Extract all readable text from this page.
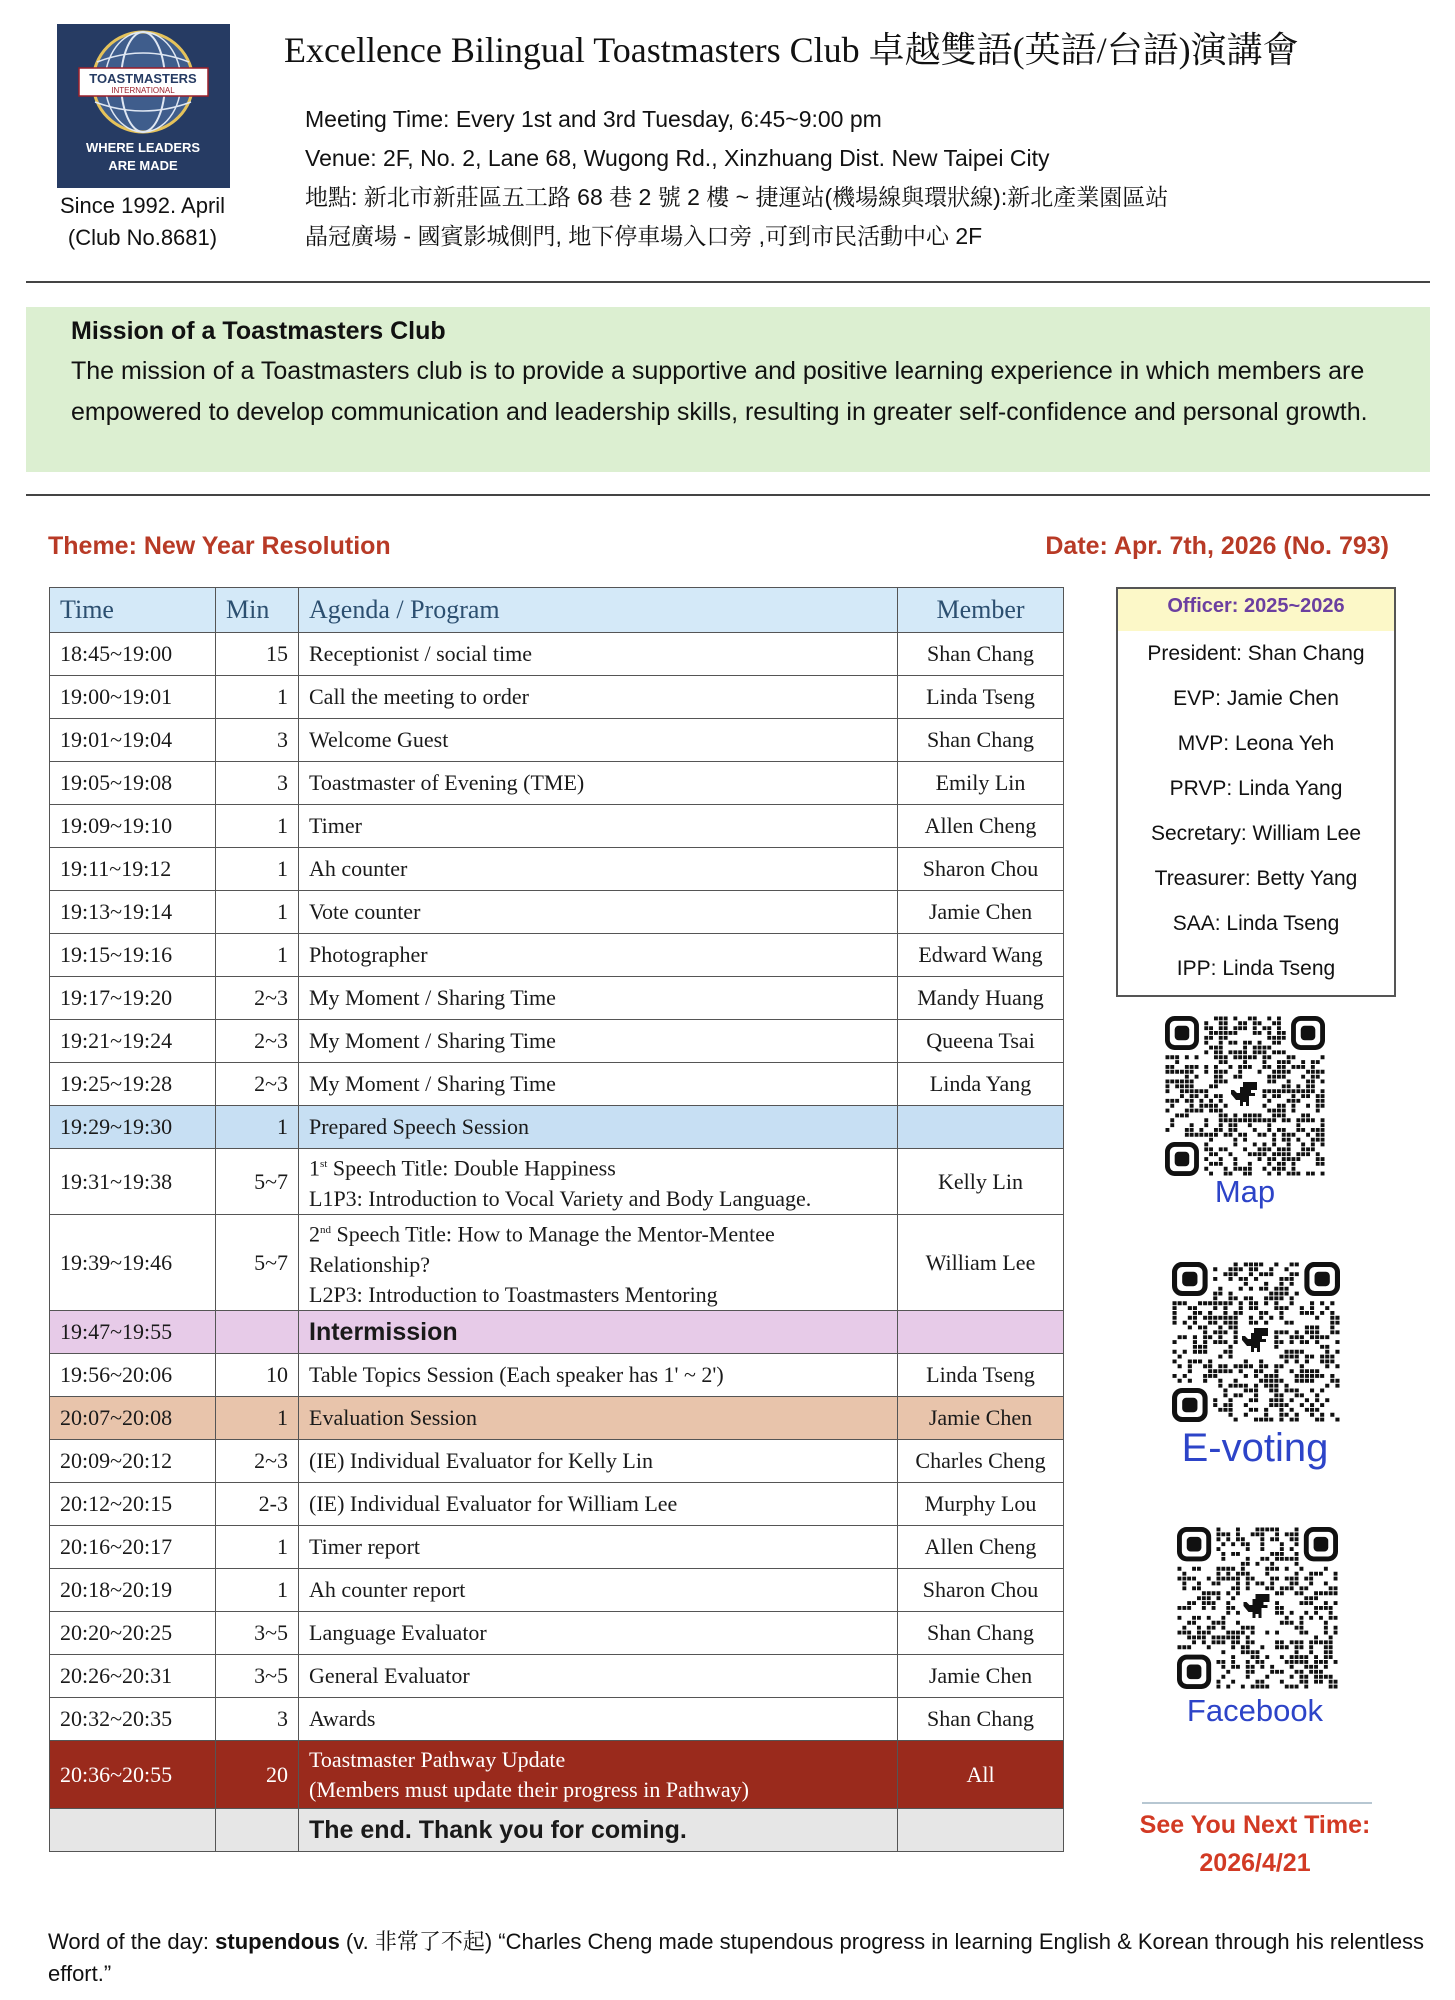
TOASTMASTERS
INTERNATIONAL
WHERE LEADERS
ARE MADE
Since 1992. April
(Club No.8681)
Excellence Bilingual Toastmasters Club 卓越雙語(英語/台語)演講會
Meeting Time: Every 1st and 3rd Tuesday, 6:45~9:00 pm
Venue: 2F, No. 2, Lane 68, Wugong Rd., Xinzhuang Dist. New Taipei City
地點: 新北市新莊區五工路 68 巷 2 號 2 樓 ~ 捷運站(機場線與環狀線):新北產業園區站
晶冠廣場 - 國賓影城側門, 地下停車場入口旁 ,可到市民活動中心 2F
Mission of a Toastmasters Club

The mission of a Toastmasters club is to provide a supportive and positive learning experience in which members are empowered to develop communication and leadership skills, resulting in greater self-confidence and personal growth.

Theme: New Year Resolution	Date: Apr. 7th, 2026 (No. 793)
Time	Min	Agenda / Program	Member
18:45~19:00	15	Receptionist / social time	Shan Chang
19:00~19:01	1	Call the meeting to order	Linda Tseng
19:01~19:04	3	Welcome Guest	Shan Chang
19:05~19:08	3	Toastmaster of Evening (TME)	Emily Lin
19:09~19:10	1	Timer	Allen Cheng
19:11~19:12	1	Ah counter	Sharon Chou
19:13~19:14	1	Vote counter	Jamie Chen
19:15~19:16	1	Photographer	Edward Wang
19:17~19:20	2~3	My Moment / Sharing Time	Mandy Huang
19:21~19:24	2~3	My Moment / Sharing Time	Queena Tsai
19:25~19:28	2~3	My Moment / Sharing Time	Linda Yang
19:29~19:30	1	Prepared Speech Session	
19:31~19:38	5~7	1st Speech Title: Double Happiness
L1P3: Introduction to Vocal Variety and Body Language.	Kelly Lin
19:39~19:46	5~7	2nd Speech Title: How to Manage the Mentor-Mentee
Relationship?
L2P3: Introduction to Toastmasters Mentoring	William Lee
19:47~19:55		Intermission	
19:56~20:06	10	Table Topics Session (Each speaker has 1' ~ 2')	Linda Tseng
20:07~20:08	1	Evaluation Session	Jamie Chen
20:09~20:12	2~3	(IE) Individual Evaluator for Kelly Lin	Charles Cheng
20:12~20:15	2-3	(IE) Individual Evaluator for William Lee	Murphy Lou
20:16~20:17	1	Timer report	Allen Cheng
20:18~20:19	1	Ah counter report	Sharon Chou
20:20~20:25	3~5	Language Evaluator	Shan Chang
20:26~20:31	3~5	General Evaluator	Jamie Chen
20:32~20:35	3	Awards	Shan Chang
20:36~20:55	20	Toastmaster Pathway Update
(Members must update their progress in Pathway)	All
		The end. Thank you for coming.	
Officer: 2025~2026
President: Shan Chang
EVP: Jamie Chen
MVP: Leona Yeh
PRVP: Linda Yang
Secretary: William Lee
Treasurer: Betty Yang
SAA: Linda Tseng
IPP: Linda Tseng
Map
E-voting
Facebook
See You Next Time:
2026/4/21
Word of the day: stupendous (v. 非常了不起) “Charles Cheng made stupendous progress in learning English & Korean through his relentless effort.”
